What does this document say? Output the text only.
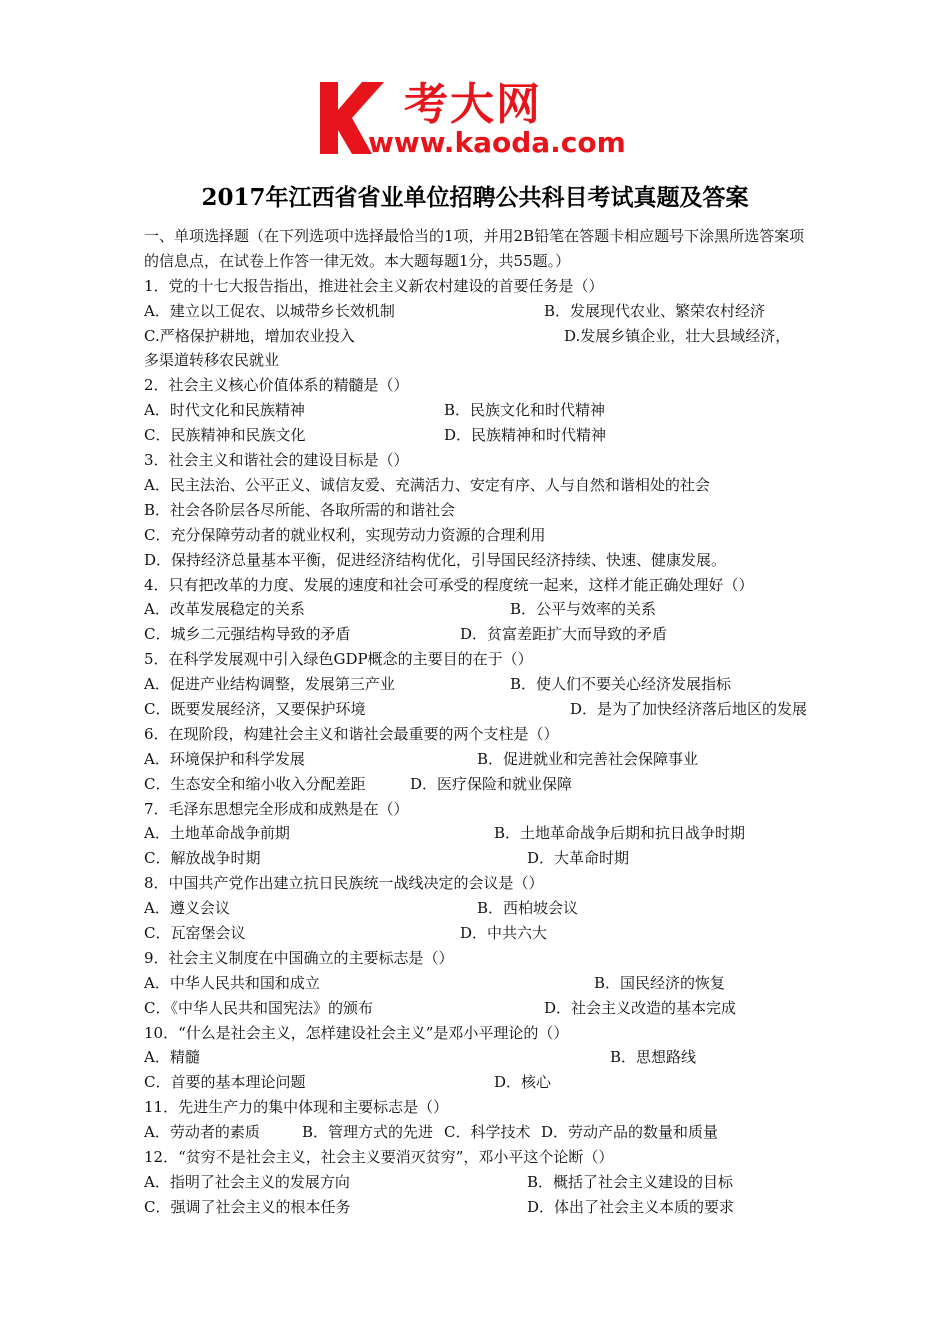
考大网
www.kaoda.com
2017年江西省省业单位招聘公共科目考试真题及答案
一、单项选择题（在下列选项中选择最恰当的1项，并用2B铅笔在答题卡相应题号下涂黑所选答案项的信息点，在试卷上作答一律无效。本大题每题1分，共55题。）
1．党的十七大报告指出，推进社会主义新农村建设的首要任务是（）
A．建立以工促农、以城带乡长效机制	B．发展现代农业、繁荣农村经济
C.严格保护耕地，增加农业投入	D.发展乡镇企业，壮大县域经济，
多渠道转移农民就业
2．社会主义核心价值体系的精髓是（）
A．时代文化和民族精神	B．民族文化和时代精神
C．民族精神和民族文化	D．民族精神和时代精神
3．社会主义和谐社会的建设目标是（）
A．民主法治、公平正义、诚信友爱、充满活力、安定有序、人与自然和谐相处的社会
B．社会各阶层各尽所能、各取所需的和谐社会
C．充分保障劳动者的就业权利，实现劳动力资源的合理利用
D．保持经济总量基本平衡，促进经济结构优化，引导国民经济持续、快速、健康发展。
4．只有把改革的力度、发展的速度和社会可承受的程度统一起来，这样才能正确处理好（）
A．改革发展稳定的关系	B．公平与效率的关系
C．城乡二元强结构导致的矛盾	D．贫富差距扩大而导致的矛盾
5．在科学发展观中引入绿色GDP概念的主要目的在于（）
A．促进产业结构调整，发展第三产业	B．使人们不要关心经济发展指标
C．既要发展经济，又要保护环境	D．是为了加快经济落后地区的发展
6．在现阶段，构建社会主义和谐社会最重要的两个支柱是（）
A．环境保护和科学发展	B．促进就业和完善社会保障事业
C．生态安全和缩小收入分配差距	D．医疗保险和就业保障
7．毛泽东思想完全形成和成熟是在（）
A．土地革命战争前期	B．土地革命战争后期和抗日战争时期
C．解放战争时期	D．大革命时期
8．中国共产党作出建立抗日民族统一战线决定的会议是（）
A．遵义会议	B．西柏坡会议
C．瓦窑堡会议	D．中共六大
9．社会主义制度在中国确立的主要标志是（）
A．中华人民共和国和成立	B．国民经济的恢复
C．《中华人民共和国宪法》的颁布	D．社会主义改造的基本完成
10．“什么是社会主义，怎样建设社会主义”是邓小平理论的（）
A．精髓	B．思想路线
C．首要的基本理论问题	D．核心
11．先进生产力的集中体现和主要标志是（）
A．劳动者的素质	B．管理方式的先进 C．科学技术 D．劳动产品的数量和质量
12．“贫穷不是社会主义，社会主义要消灭贫穷”，邓小平这个论断（）
A．指明了社会主义的发展方向	B．概括了社会主义建设的目标
C．强调了社会主义的根本任务	D．体出了社会主义本质的要求
